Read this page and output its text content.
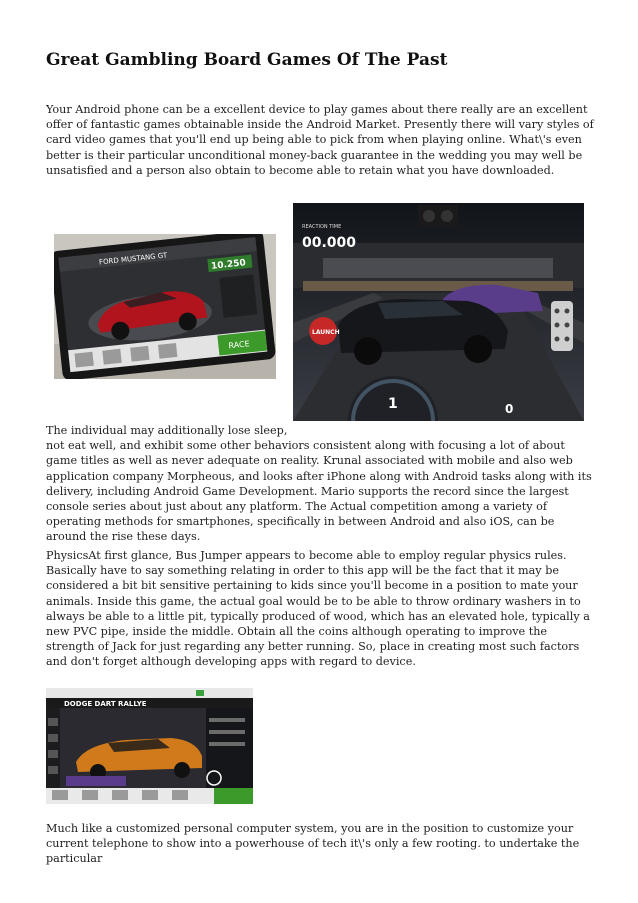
Great Gambling Board Games Of The Past
Your Android phone can be a excellent device to play games about there really are an excellent offer of fantastic games obtainable inside the Android Market. Presently there will vary styles of card video games that you'll end up being able to pick from when playing online. What\'s even better is their particular unconditional money-back guarantee in the wedding you may well be unsatisfied and a person also obtain to become able to retain what you have downloaded.
FORD MUSTANG GT	10.250
RACE
REACTION TIME
00.000
LAUNCH
1	0
The individual may additionally lose sleep,
not eat well, and exhibit some other behaviors consistent along with focusing a lot of about game titles as well as never adequate on reality. Krunal associated with mobile and also web application company Morpheous, and looks after iPhone along with Android tasks along with its delivery, including Android Game Development. Mario supports the record since the largest console series about just about any platform. The Actual competition among a variety of operating methods for smartphones, specifically in between Android and also iOS, can be around the rise these days.
PhysicsAt first glance, Bus Jumper appears to become able to employ regular physics rules. Basically have to say something relating in order to this app will be the fact that it may be considered a bit bit sensitive pertaining to kids since you'll become in a position to mate your animals. Inside this game, the actual goal would be to be able to throw ordinary washers in to always be able to a little pit, typically produced of wood, which has an elevated hole, typically a new PVC pipe, inside the middle. Obtain all the coins although operating to improve the strength of Jack for just regarding any better running. So, place in creating most such factors and don't forget although developing apps with regard to device.
DODGE DART RALLYE
Much like a customized personal computer system, you are in the position to customize your current telephone to show into a powerhouse of tech it\'s only a few rooting. to undertake the particular
